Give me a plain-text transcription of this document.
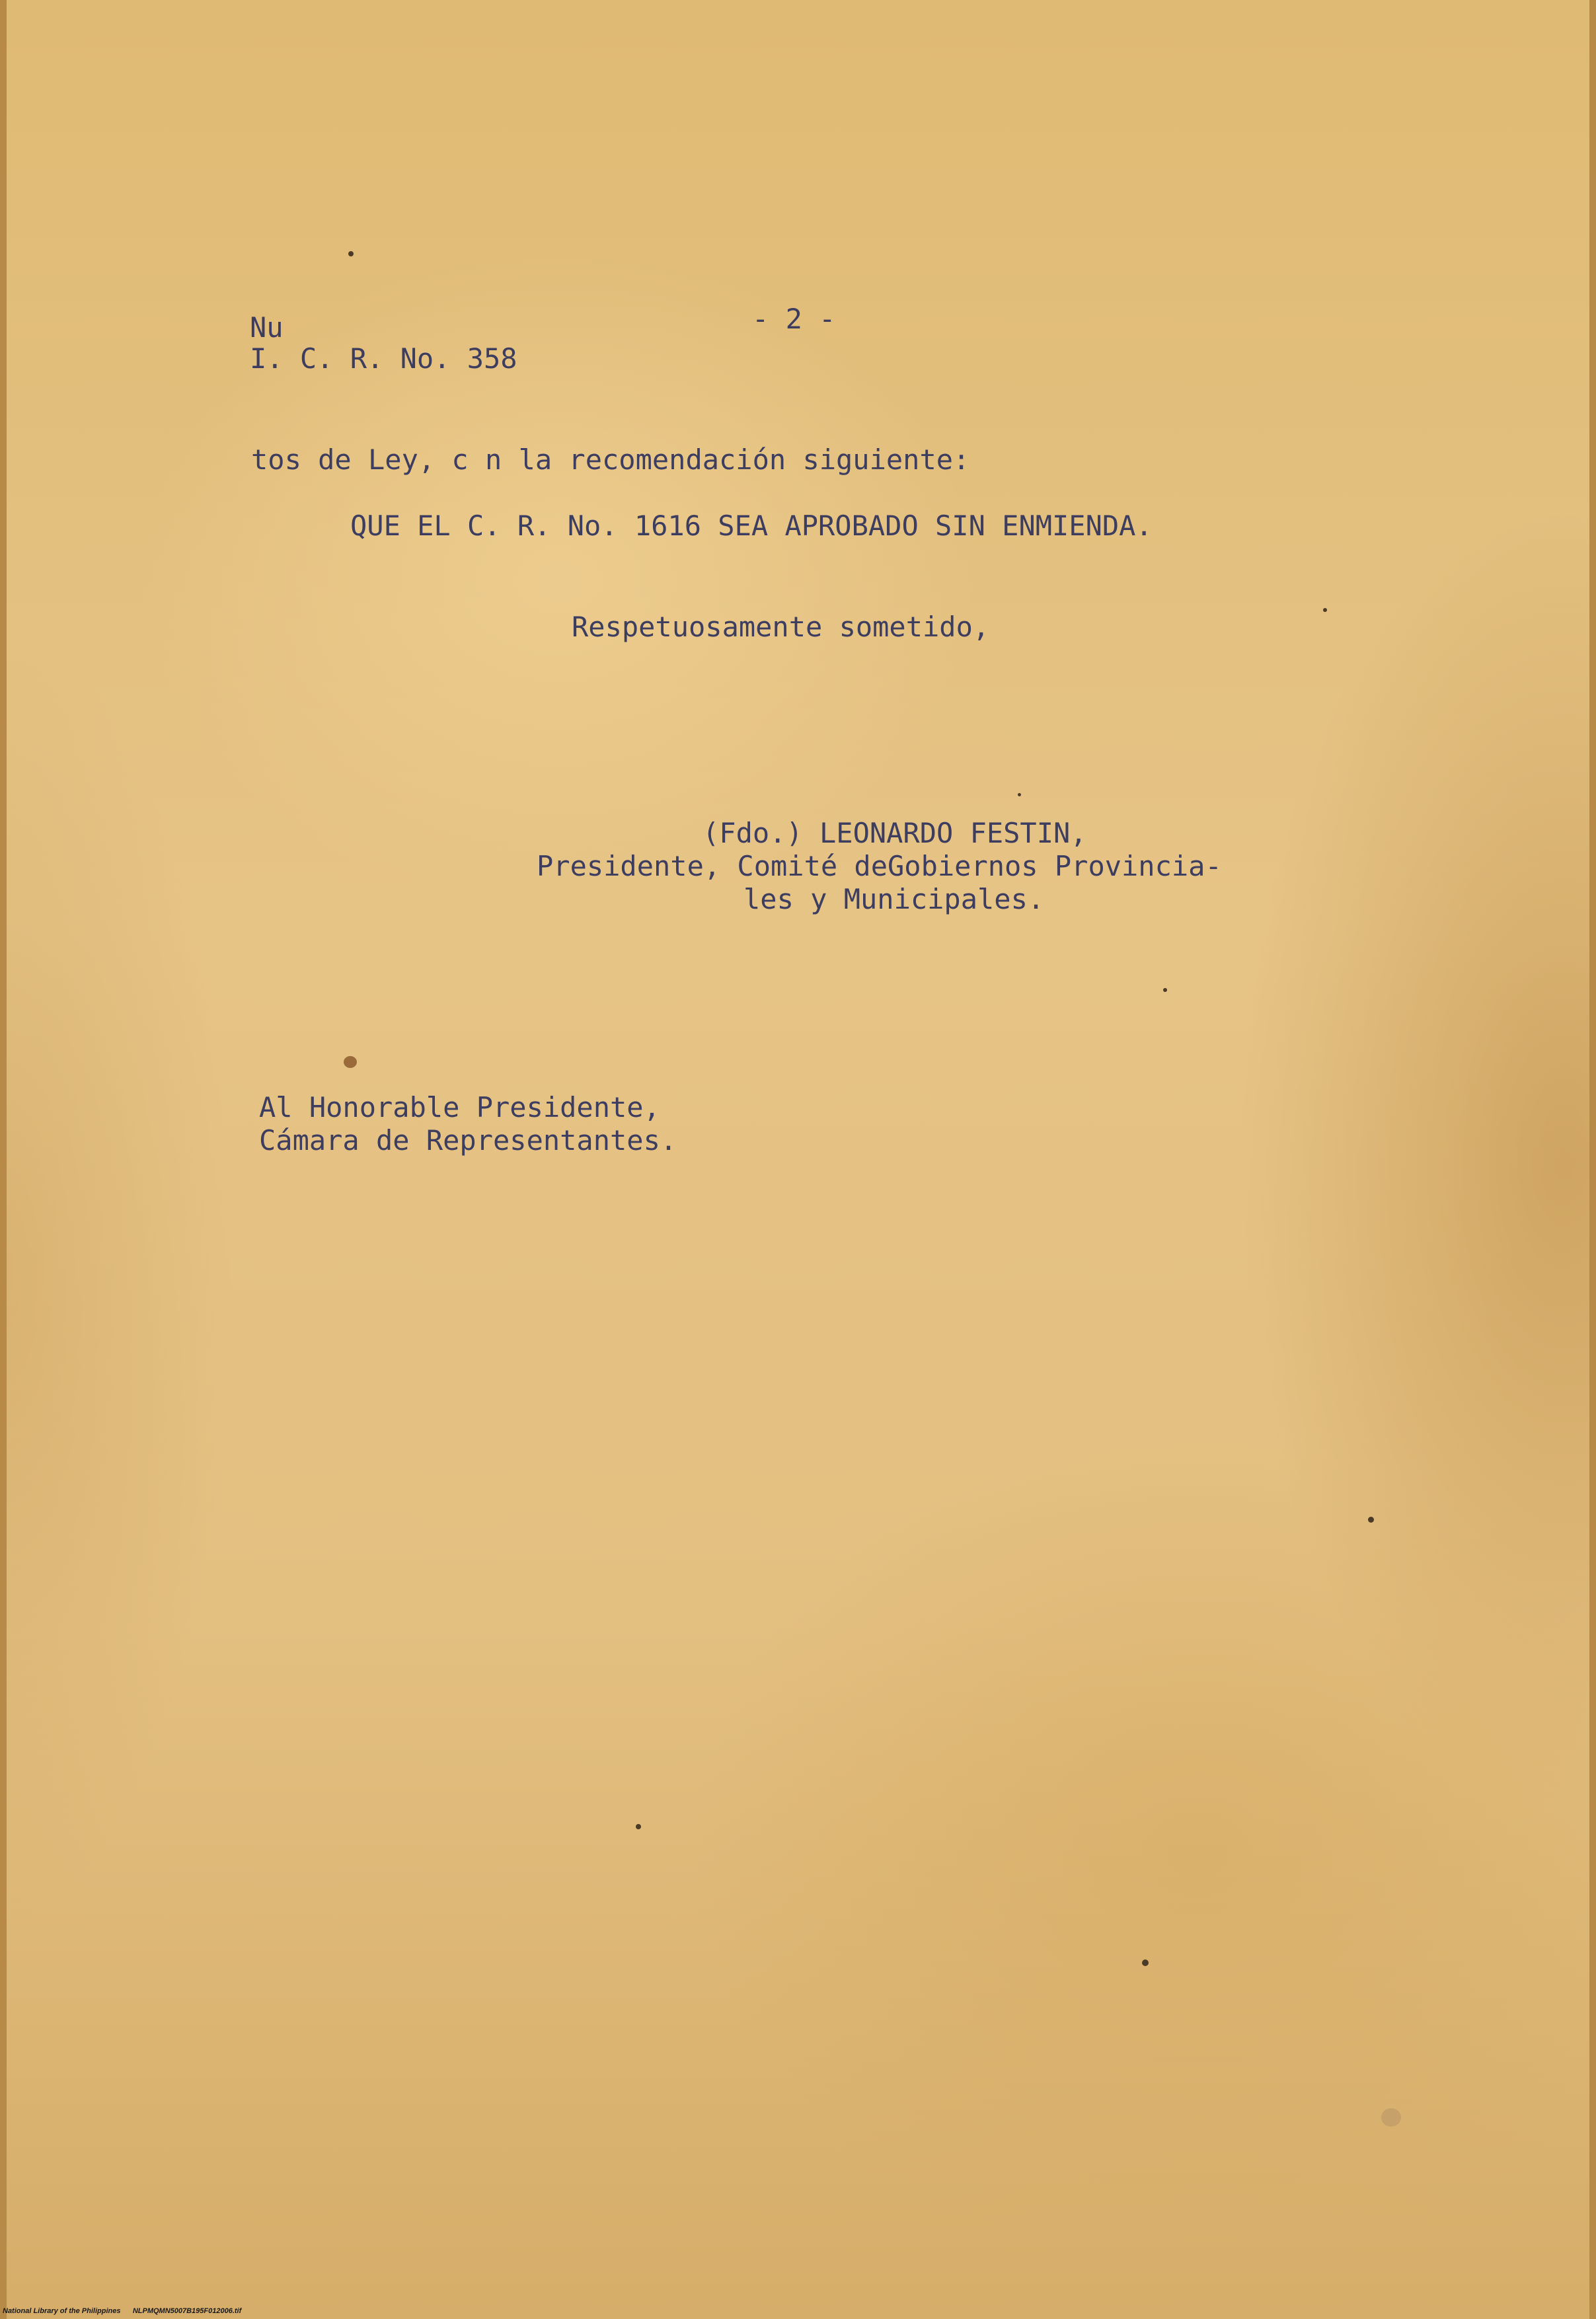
Nu	- 2 -
I. C. R. No. 358
tos de Ley, c n la recomendación siguiente:
QUE EL C. R. No. 1616 SEA APROBADO SIN ENMIENDA.
Respetuosamente sometido,
(Fdo.) LEONARDO FESTIN,
Presidente, Comité deGobiernos Provincia-
les y Municipales.
Al Honorable Presidente,
Cámara de Representantes.
National Library of the Philippines NLPMQMN5007B195F012006.tif
